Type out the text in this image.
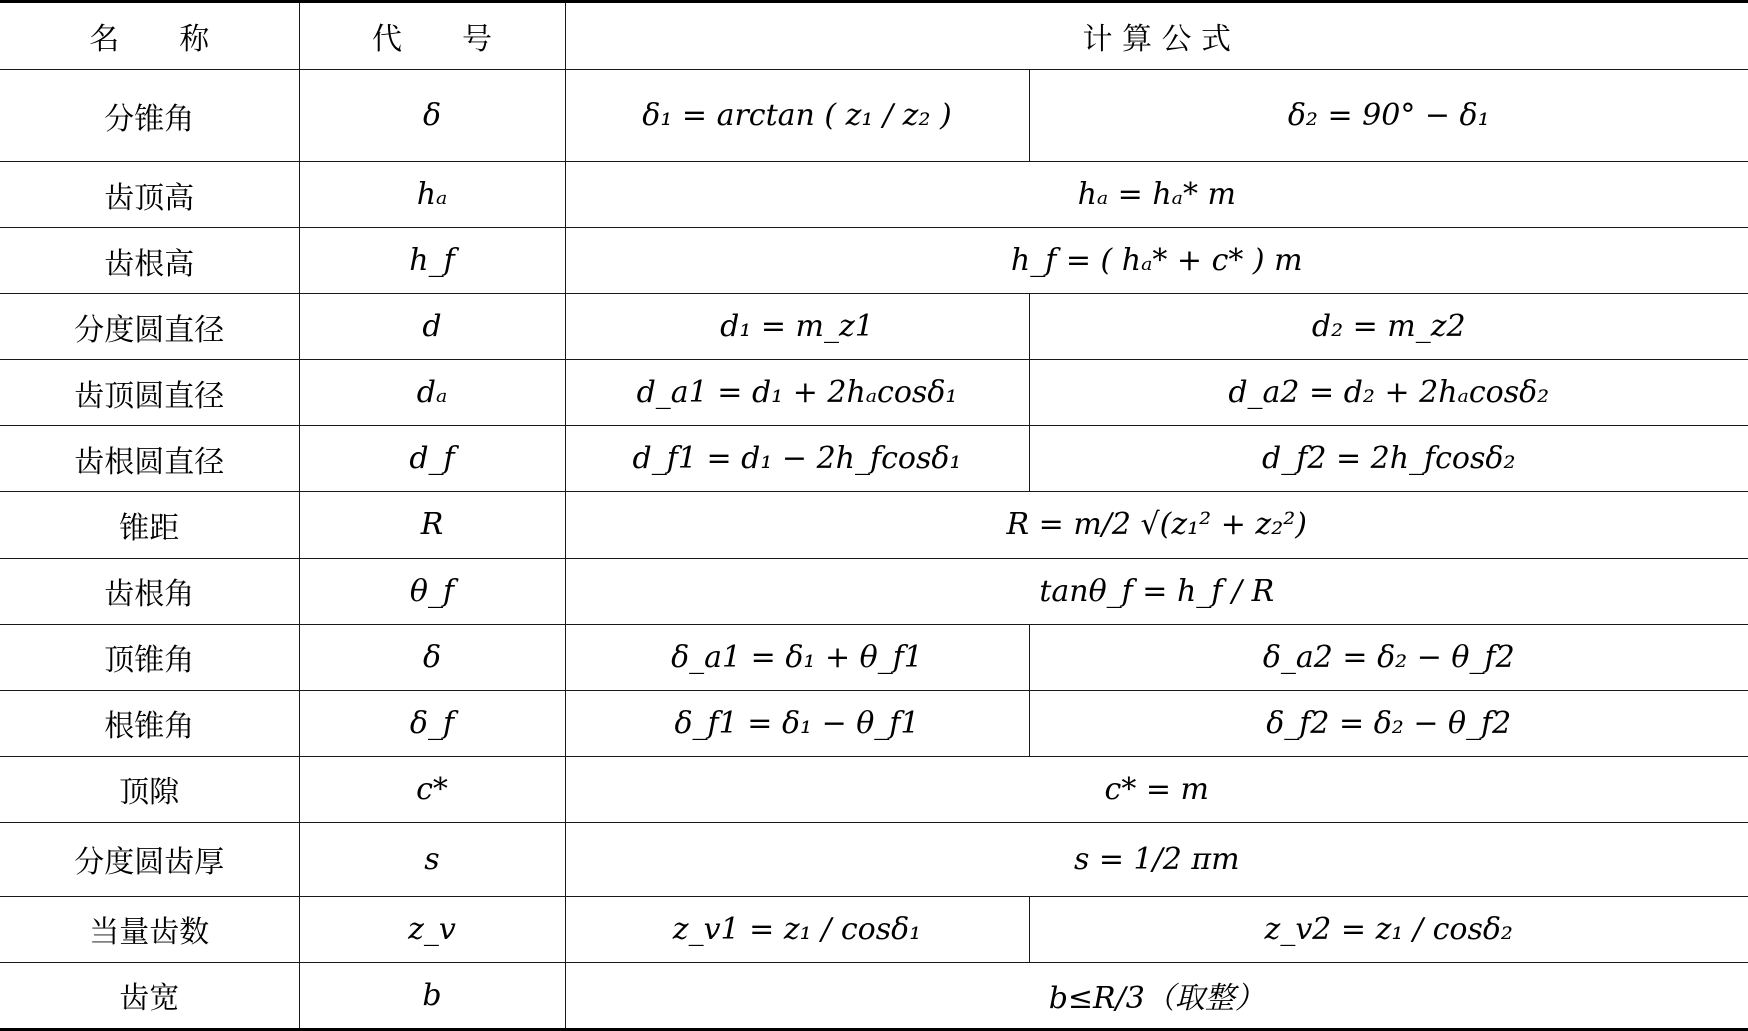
名　　称	代　　号	计 算 公 式	
分锥角	δ	δ₁ = arctan ( z₁ / z₂ )	δ₂ = 90° − δ₁
齿顶高	hₐ	hₐ = hₐ* m	
齿根高	h_f	h_f = ( hₐ* + c* ) m	
分度圆直径	d	d₁ = m_z1	d₂ = m_z2
齿顶圆直径	dₐ	d_a1 = d₁ + 2hₐcosδ₁	d_a2 = d₂ + 2hₐcosδ₂
齿根圆直径	d_f	d_f1 = d₁ − 2h_fcosδ₁	d_f2 = 2h_fcosδ₂
锥距	R	R = m/2 √(z₁² + z₂²)	
齿根角	θ_f	tanθ_f = h_f / R	
顶锥角	δ	δ_a1 = δ₁ + θ_f1	δ_a2 = δ₂ − θ_f2
根锥角	δ_f	δ_f1 = δ₁ − θ_f1	δ_f2 = δ₂ − θ_f2
顶隙	c*	c* = m	
分度圆齿厚	s	s = 1/2 πm	
当量齿数	z_v	z_v1 = z₁ / cosδ₁	z_v2 = z₁ / cosδ₂
齿宽	b	b≤R/3（取整）	
